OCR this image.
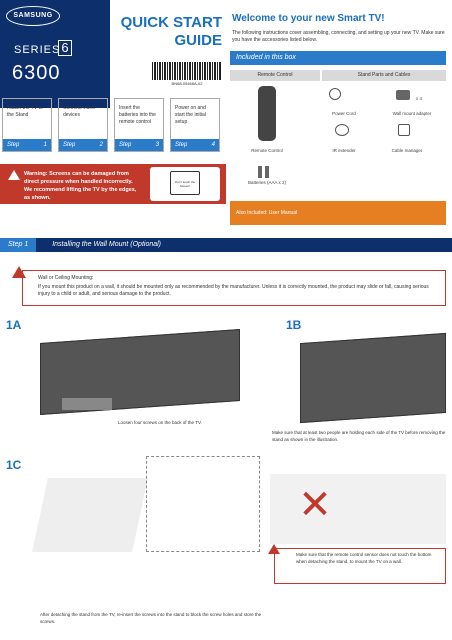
SAMSUNG
SERIES 6
6300
QUICK START
GUIDE
BN68-05468A-02
Welcome to your new Smart TV!
The following instructions cover assembling, connecting, and setting up your new TV. Make sure you have the accessories listed below.
Included in this box
Remote Control	Stand Parts and Cables
Remote Control
Batteries (AAA x 2)
Power Cord
x 4
Wall mount adapter
IR extender	Cable manager
Also Included: User Manual
Attach the TV to the Stand
Step	1
Connect video devices
Step	2
Insert the batteries into the remote control
Step	3
Power on and start the initial setup
Step	4
Warning: Screens can be damaged from direct pressure when handled incorrectly. We recommend lifting the TV by the edges, as shown.
Don't touch the Screen!
Step 1	Installing the Wall Mount (Optional)
Wall or Ceiling Mounting:
If you mount this product on a wall, it should be mounted only as recommended by the manufacturer. Unless it is correctly mounted, the product may slide or fall, causing serious injury to a child or adult, and serious damage to the product.
1A
Loosen four screws on the back of the TV.
1B
Make sure that at least two people are holding each side of the TV before removing the stand as shown in the illustration.
1C
✕
Make sure that the remote control sensor does not touch the bottom when detaching the stand, to mount the TV on a wall.
After detaching the stand from the TV, re-insert the screws into the stand to block the screw holes and store the screws.
